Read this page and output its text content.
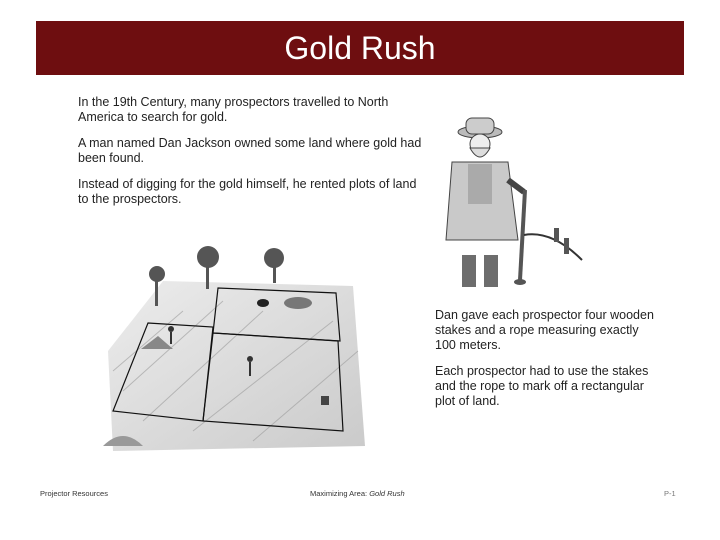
Gold Rush

In the 19th Century, many prospectors travelled to North America to search for gold.

A man named Dan Jackson owned some land where gold had been found.

Instead of digging for the gold himself, he rented plots of land to the prospectors.

Dan gave each prospector four wooden stakes and a rope measuring exactly 100 meters.

Each prospector had to use the stakes and the rope to mark off a rectangular plot of land.

Projector Resources	Maximizing Area: Gold Rush	P-1
